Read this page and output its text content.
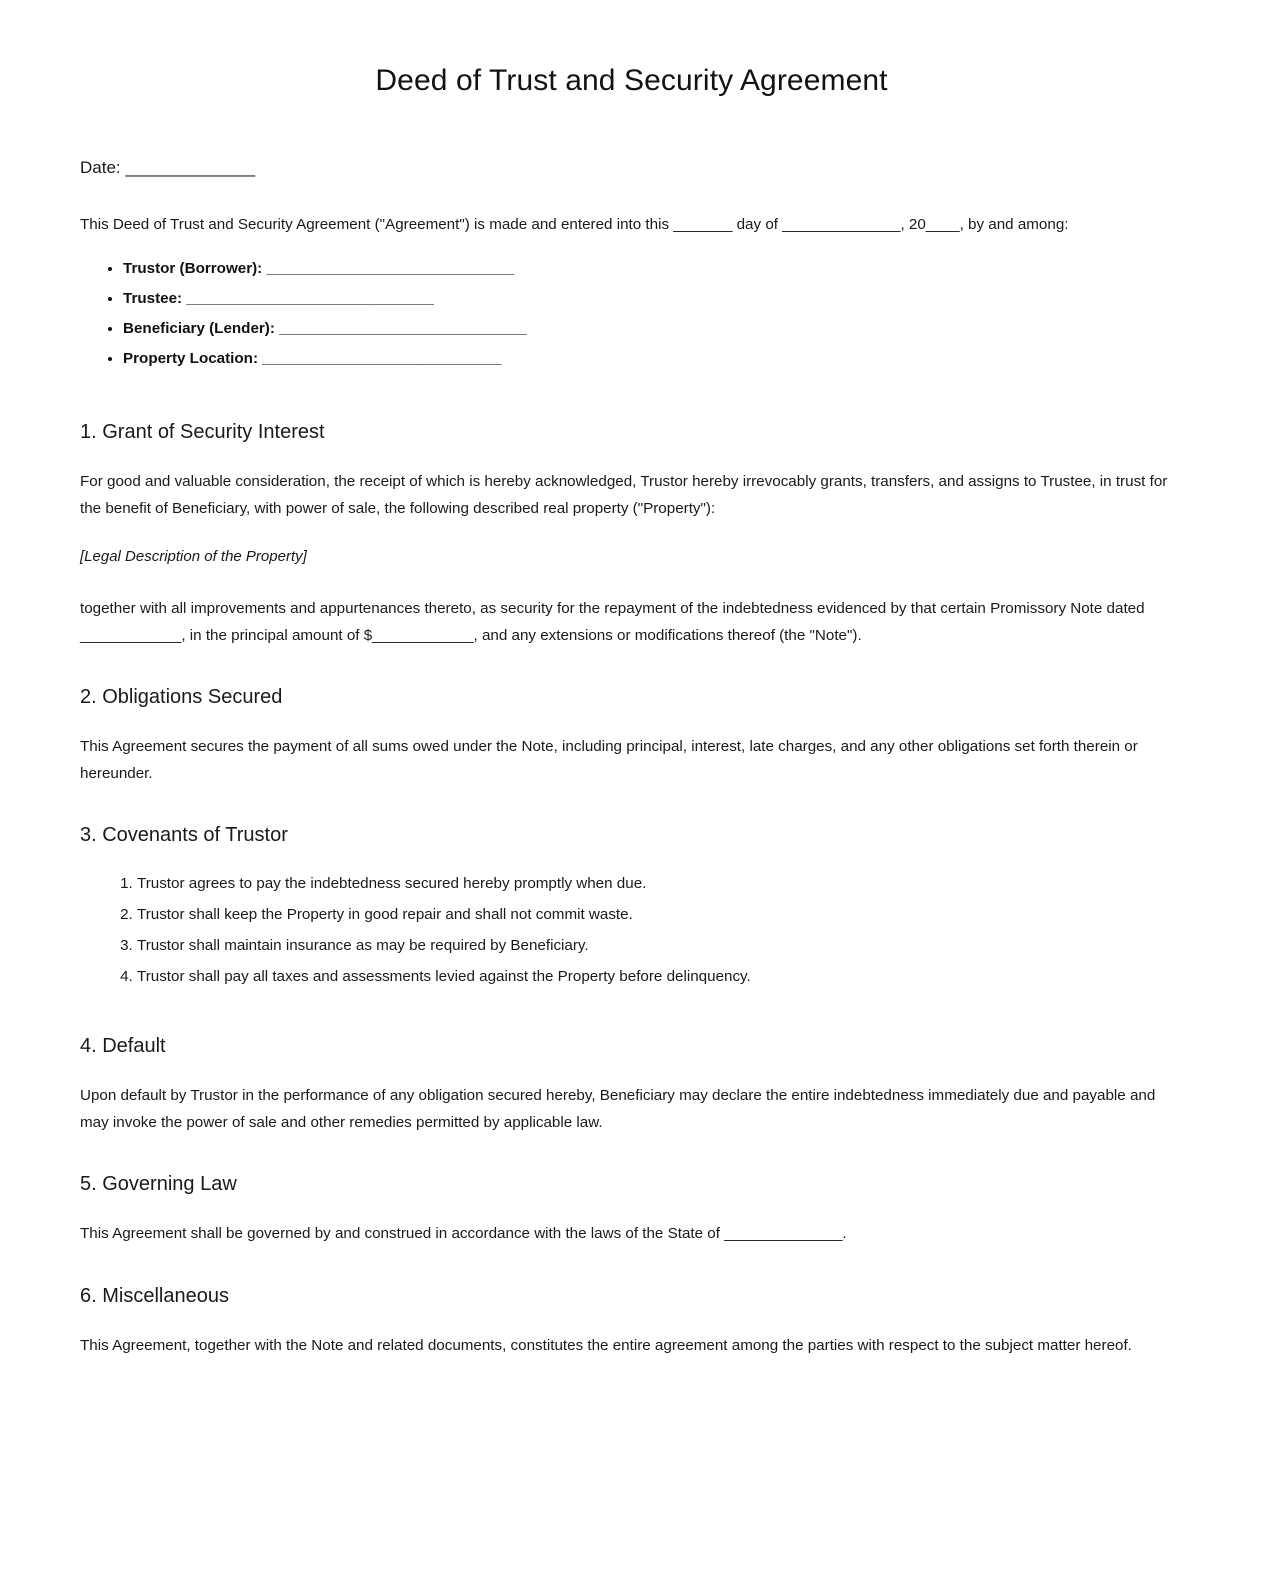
Deed of Trust and Security Agreement
Date: ______________

This Deed of Trust and Security Agreement ("Agreement") is made and entered into this _______ day of ______________, 20____, by and among:

• Trustor (Borrower): ______________________________
• Trustee: ______________________________
• Beneficiary (Lender): ______________________________
• Property Location: _____________________________
1. Grant of Security Interest

For good and valuable consideration, the receipt of which is hereby acknowledged, Trustor hereby irrevocably grants, transfers, and assigns to Trustee, in trust for the benefit of Beneficiary, with power of sale, the following described real property ("Property"):

[Legal Description of the Property]

together with all improvements and appurtenances thereto, as security for the repayment of the indebtedness evidenced by that certain Promissory Note dated ____________, in the principal amount of $____________, and any extensions or modifications thereof (the "Note").

2. Obligations Secured

This Agreement secures the payment of all sums owed under the Note, including principal, interest, late charges, and any other obligations set forth therein or hereunder.

3. Covenants of Trustor
1. Trustor agrees to pay the indebtedness secured hereby promptly when due.
2. Trustor shall keep the Property in good repair and shall not commit waste.
3. Trustor shall maintain insurance as may be required by Beneficiary.
4. Trustor shall pay all taxes and assessments levied against the Property before delinquency.
4. Default

Upon default by Trustor in the performance of any obligation secured hereby, Beneficiary may declare the entire indebtedness immediately due and payable and may invoke the power of sale and other remedies permitted by applicable law.

5. Governing Law

This Agreement shall be governed by and construed in accordance with the laws of the State of ______________.

6. Miscellaneous

This Agreement, together with the Note and related documents, constitutes the entire agreement among the parties with respect to the subject matter hereof.
